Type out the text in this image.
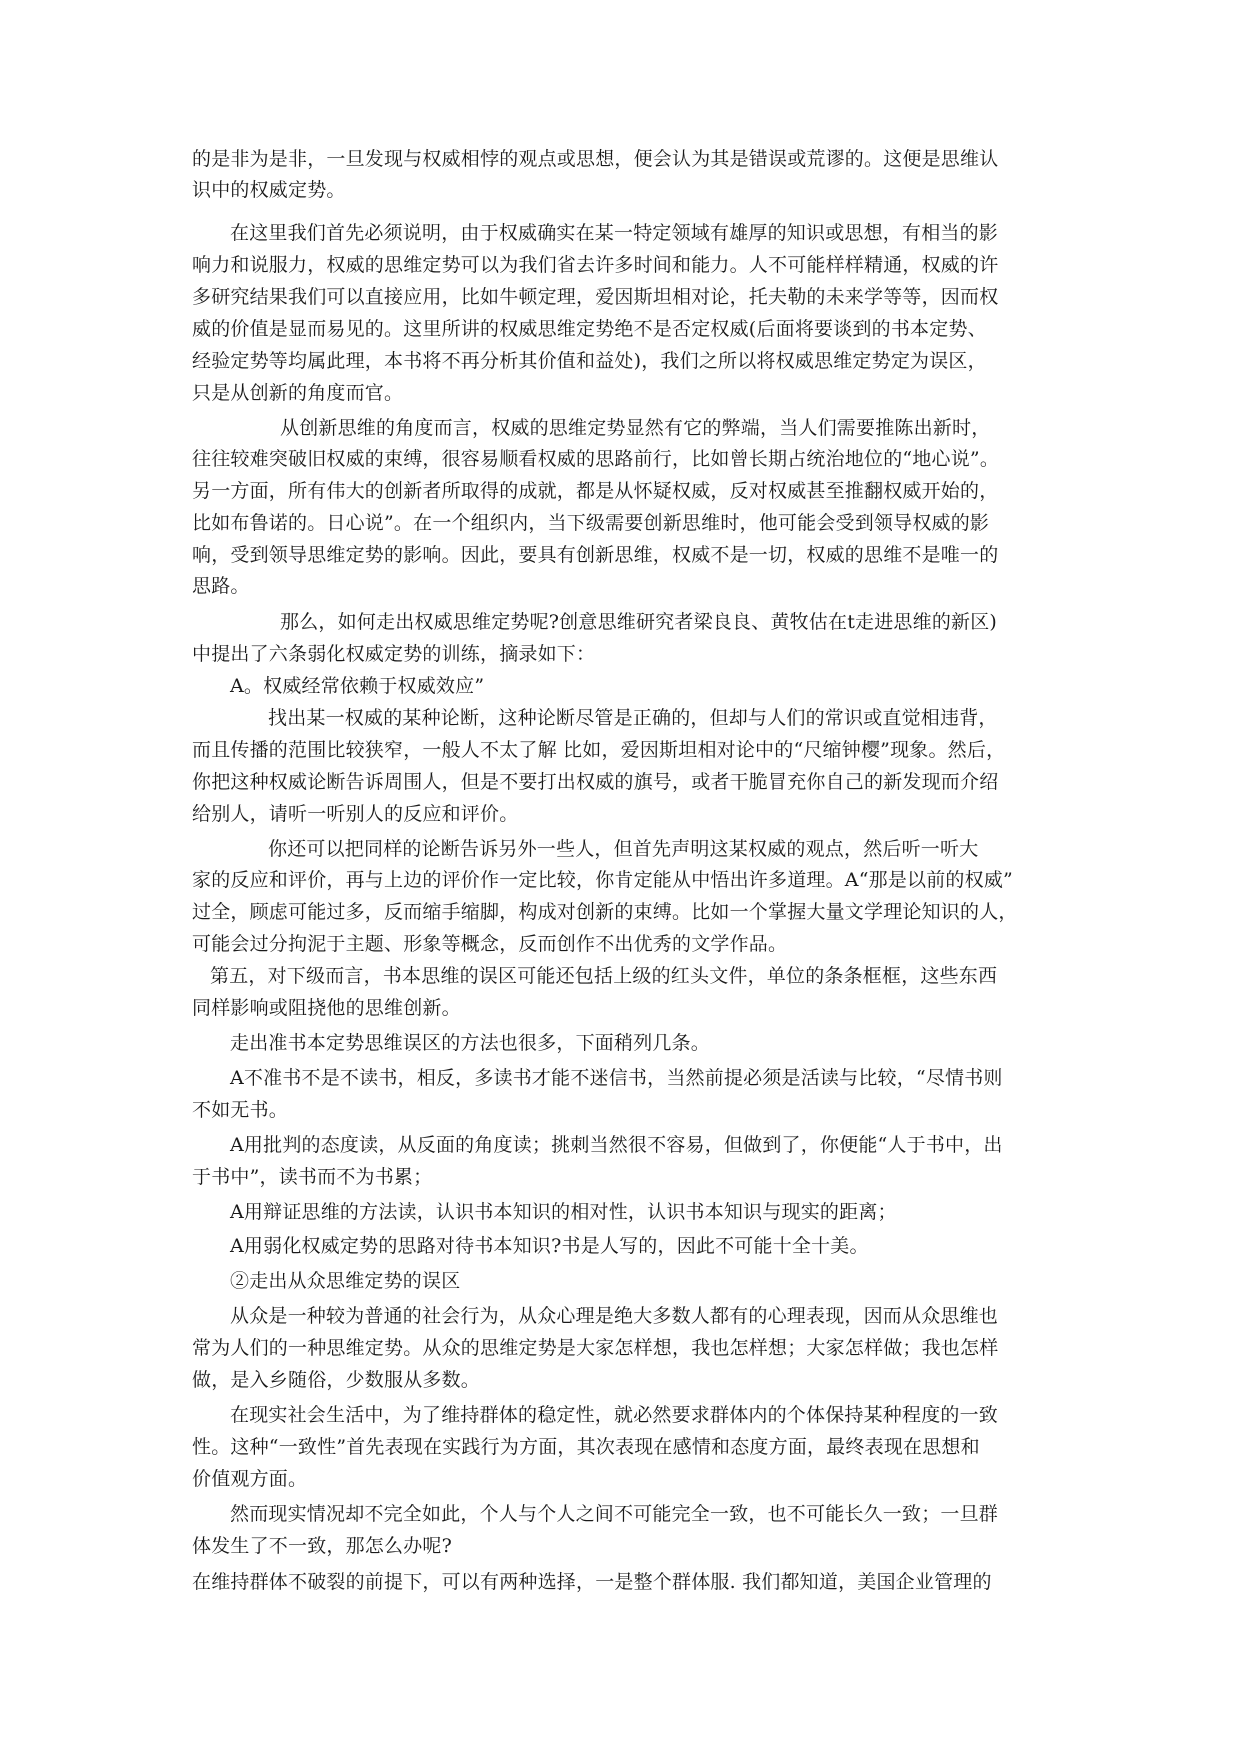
的是非为是非，一旦发现与权威相悖的观点或思想，便会认为其是错误或荒谬的。这便是思维认
识中的权威定势。
在这里我们首先必须说明，由于权威确实在某一特定领域有雄厚的知识或思想，有相当的影
响力和说服力，权威的思维定势可以为我们省去许多时间和能力。人不可能样样精通，权威的许
多研究结果我们可以直接应用，比如牛顿定理，爱因斯坦相对论，托夫勒的未来学等等，因而权
威的价值是显而易见的。这里所讲的权威思维定势绝不是否定权威(后面将要谈到的书本定势、
经验定势等均属此理，本书将不再分析其价值和益处)，我们之所以将权威思维定势定为误区，
只是从创新的角度而官。
从创新思维的角度而言，权威的思维定势显然有它的弊端，当人们需要推陈出新时，
往往较难突破旧权威的束缚，很容易顺看权威的思路前行，比如曾长期占统治地位的“地心说”。
另一方面，所有伟大的创新者所取得的成就，都是从怀疑权威，反对权威甚至推翻权威开始的，
比如布鲁诺的。日心说”。在一个组织内，当下级需要创新思维时，他可能会受到领导权威的影
响，受到领导思维定势的影响。因此，要具有创新思维，权威不是一切，权威的思维不是唯一的
思路。
那么，如何走出权威思维定势呢?创意思维研究者梁良良、黄牧估在t走进思维的新区)
中提出了六条弱化权威定势的训练，摘录如下：
A。权威经常依赖于权威效应”
找出某一权威的某种论断，这种论断尽管是正确的，但却与人们的常识或直觉相违背，
而且传播的范围比较狭窄，一般人不太了解 比如，爱因斯坦相对论中的“尺缩钟樱”现象。然后，
你把这种权威论断告诉周围人，但是不要打出权威的旗号，或者干脆冒充你自己的新发现而介绍
给别人，请听一听别人的反应和评价。
你还可以把同样的论断告诉另外一些人，但首先声明这某权威的观点，然后听一听大
家的反应和评价，再与上边的评价作一定比较，你肯定能从中悟出许多道理。A“那是以前的权威”
过全，顾虑可能过多，反而缩手缩脚，构成对创新的束缚。比如一个掌握大量文学理论知识的人，
可能会过分拘泥于主题、形象等概念，反而创作不出优秀的文学作品。
第五，对下级而言，书本思维的误区可能还包括上级的红头文件，单位的条条框框，这些东西
同样影响或阻挠他的思维创新。
走出准书本定势思维误区的方法也很多，下面稍列几条。
A不准书不是不读书，相反，多读书才能不迷信书，当然前提必须是活读与比较，“尽情书则
不如无书。
A用批判的态度读，从反面的角度读；挑刺当然很不容易，但做到了，你便能“人于书中，出
于书中”，读书而不为书累；
A用辩证思维的方法读，认识书本知识的相对性，认识书本知识与现实的距离；
A用弱化权威定势的思路对待书本知识?书是人写的，因此不可能十全十美。
②走出从众思维定势的误区
从众是一种较为普通的社会行为，从众心理是绝大多数人都有的心理表现，因而从众思维也
常为人们的一种思维定势。从众的思维定势是大家怎样想，我也怎样想；大家怎样做；我也怎样
做，是入乡随俗，少数服从多数。
在现实社会生活中，为了维持群体的稳定性，就必然要求群体内的个体保持某种程度的一致
性。这种“一致性”首先表现在实践行为方面，其次表现在感情和态度方面，最终表现在思想和
价值观方面。
然而现实情况却不完全如此，个人与个人之间不可能完全一致，也不可能长久一致；一旦群
体发生了不一致，那怎么办呢?
在维持群体不破裂的前提下，可以有两种选择，一是整个群体服. 我们都知道，美国企业管理的
